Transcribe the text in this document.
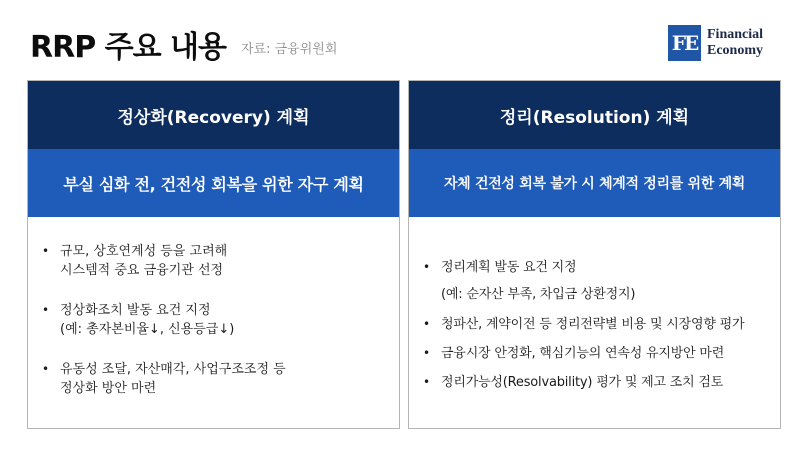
RRP 주요 내용 자료: 금융위원회	FE Financial
Economy
정상화(Recovery) 계획
부실 심화 전, 건전성 회복을 위한 자구 계획
• 규모, 상호연계성 등을 고려해
시스템적 중요 금융기관 선정
• 정상화조치 발동 요건 지정
(예: 총자본비율↓, 신용등급↓)
• 유동성 조달, 자산매각, 사업구조조정 등
정상화 방안 마련
정리(Resolution) 계획
자체 건전성 회복 불가 시 체계적 정리를 위한 계획
• 정리계획 발동 요건 지정
(예: 순자산 부족, 차입금 상환정지)
• 청파산, 계약이전 등 정리전략별 비용 및 시장영향 평가
• 금융시장 안정화, 핵심기능의 연속성 유지방안 마련
• 정리가능성(Resolvability) 평가 및 제고 조치 검토
